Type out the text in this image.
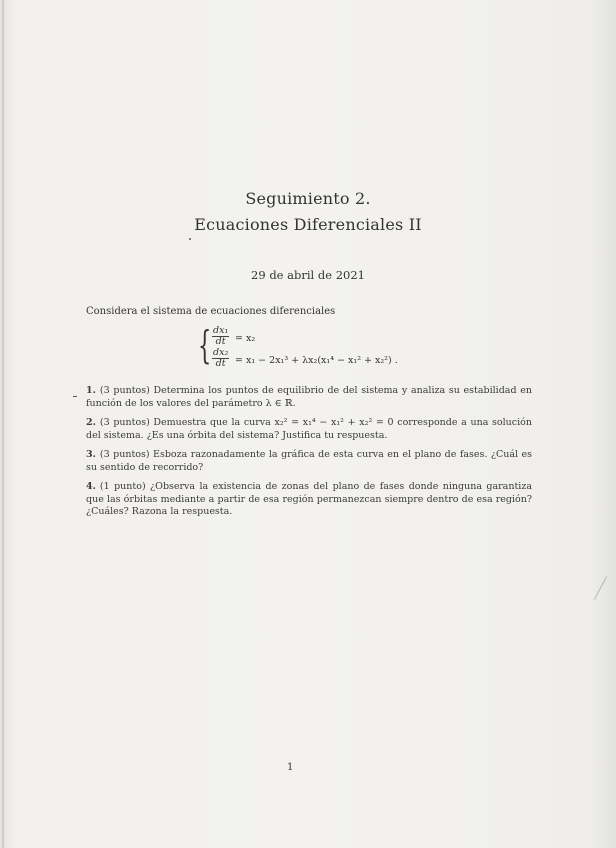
Seguimiento 2.
Ecuaciones Diferenciales II
29 de abril de 2021
Considera el sistema de ecuaciones diferenciales
{ $\frac{\text{dx₁}}{dt} = x_2$
$\frac{\text{dx₂}}{dt} = x_1 - 2x_1^3 + \lambda x_2(x_1^4 - x_1^2 + x_2^2)$ .
1. (3 puntos) Determina los puntos de equilibrio de del sistema y analiza su estabilidad en función de los valores del parámetro λ ∈ ℝ.
2. (3 puntos) Demuestra que la curva x₂² = x₁⁴ − x₁² + x₂² = 0 corresponde a una solución del sistema. ¿Es una órbita del sistema? Justifica tu respuesta.
3. (3 puntos) Esboza razonadamente la gráfica de esta curva en el plano de fases. ¿Cuál es su sentido de recorrido?
4. (1 punto) ¿Observa la existencia de zonas del plano de fases donde ninguna garantiza que las órbitas mediante a partir de esa región permanezcan siempre dentro de esa región? ¿Cuáles? Razona la respuesta.
1
